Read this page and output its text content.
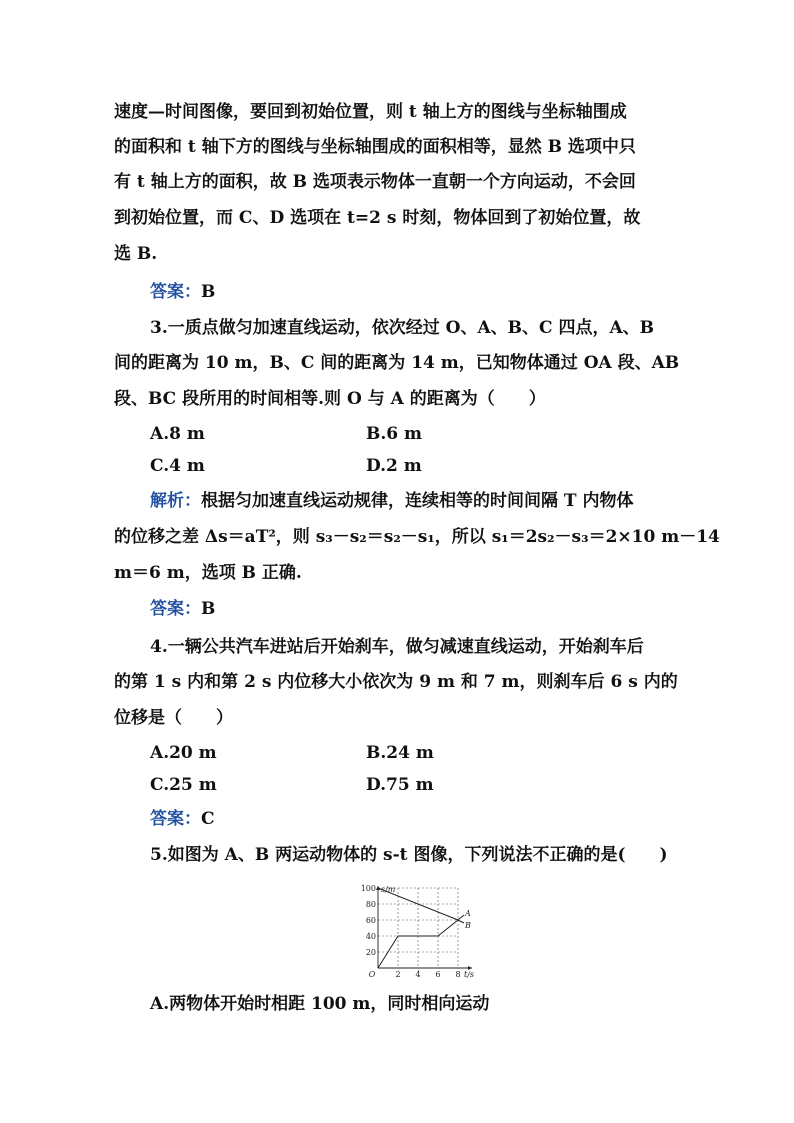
速度—时间图像，要回到初始位置，则 t 轴上方的图线与坐标轴围成
的面积和 t 轴下方的图线与坐标轴围成的面积相等，显然 B 选项中只
有 t 轴上方的面积，故 B 选项表示物体一直朝一个方向运动，不会回
到初始位置，而 C、D 选项在 t=2 s 时刻，物体回到了初始位置，故
选 B.
答案：B
3.一质点做匀加速直线运动，依次经过 O、A、B、C 四点，A、B
间的距离为 10 m，B、C 间的距离为 14 m，已知物体通过 OA 段、AB
段、BC 段所用的时间相等.则 O 与 A 的距离为（　　）
A.8 m	B.6 m
C.4 m	D.2 m
解析：根据匀加速直线运动规律，连续相等的时间间隔 T 内物体
的位移之差 Δs＝aT²，则 s₃－s₂＝s₂－s₁，所以 s₁＝2s₂－s₃＝2×10 m－14
m＝6 m，选项 B 正确.
答案：B
4.一辆公共汽车进站后开始刹车，做匀减速直线运动，开始刹车后
的第 1 s 内和第 2 s 内位移大小依次为 9 m 和 7 m，则刹车后 6 s 内的
位移是（　　）
A.20 m	B.24 m
C.25 m	D.75 m
答案：C
5.如图为 A、B 两运动物体的 s-t 图像，下列说法不正确的是(　　)
2 4 6 8
20
40
60
80
100
O	t/s
s/m
A
B
A.两物体开始时相距 100 m，同时相向运动
